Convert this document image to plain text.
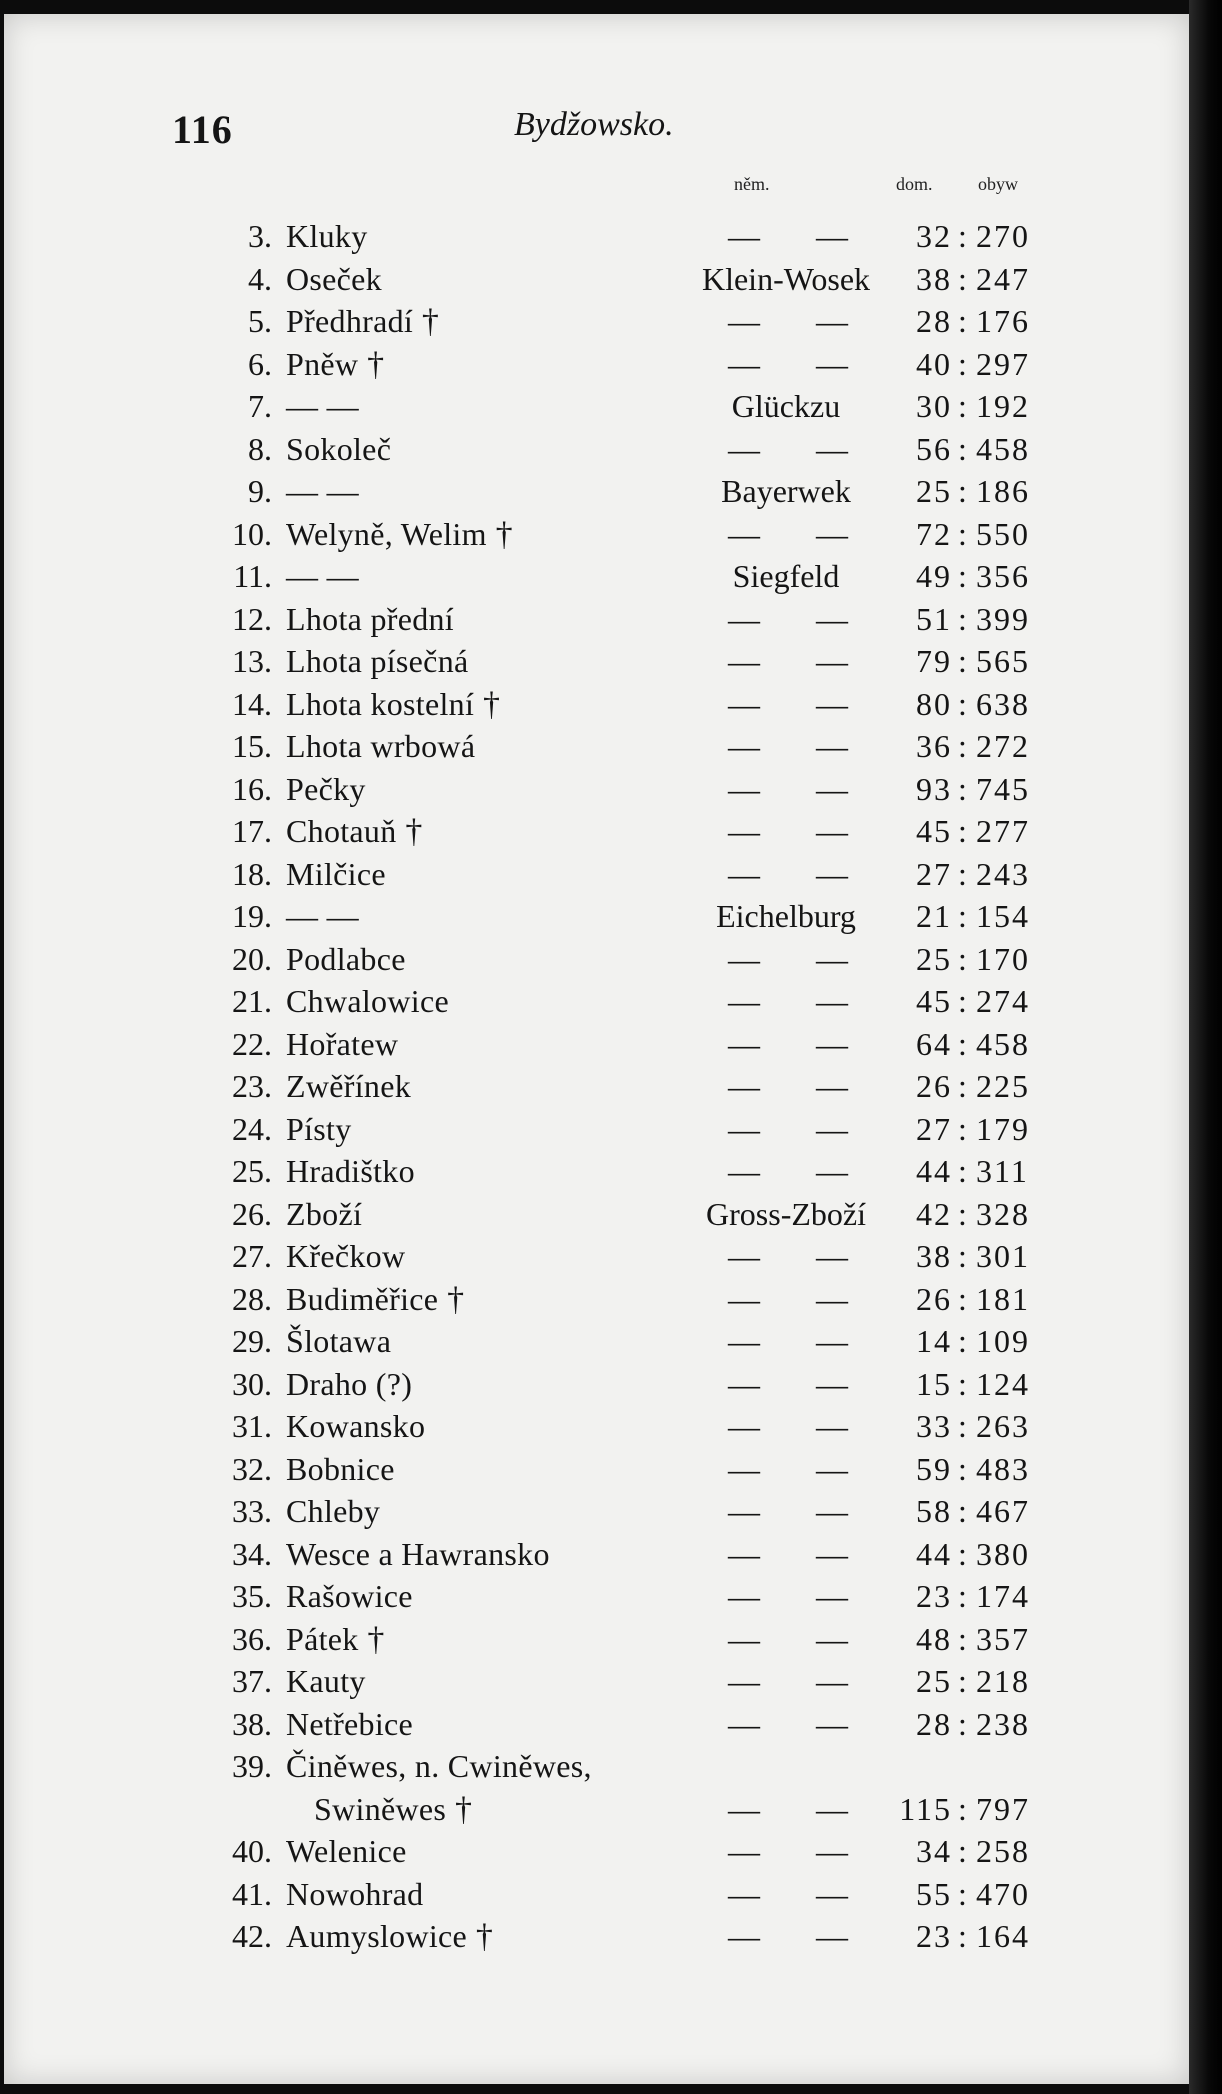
116	Bydžowsko.
něm.	dom.	obyw
3. Kluky	— —	32 : 270
4. Oseček	Klein-Wosek	38 : 247
5. Předhradí †	— —	28 : 176
6. Pněw †	— —	40 : 297
7. — —	Glückzu	30 : 192
8. Sokoleč	— —	56 : 458
9. — —	Bayerwek	25 : 186
10. Welyně, Welim †	— —	72 : 550
11. — —	Siegfeld	49 : 356
12. Lhota přední	— —	51 : 399
13. Lhota písečná	— —	79 : 565
14. Lhota kostelní †	— —	80 : 638
15. Lhota wrbowá	— —	36 : 272
16. Pečky	— —	93 : 745
17. Chotauň †	— —	45 : 277
18. Milčice	— —	27 : 243
19. — —	Eichelburg	21 : 154
20. Podlabce	— —	25 : 170
21. Chwalowice	— —	45 : 274
22. Hořatew	— —	64 : 458
23. Zwěřínek	— —	26 : 225
24. Písty	— —	27 : 179
25. Hradištko	— —	44 : 311
26. Zboží	Gross-Zboží	42 : 328
27. Křečkow	— —	38 : 301
28. Budiměřice †	— —	26 : 181
29. Šlotawa	— —	14 : 109
30. Draho (?)	— —	15 : 124
31. Kowansko	— —	33 : 263
32. Bobnice	— —	59 : 483
33. Chleby	— —	58 : 467
34. Wesce a Hawransko	— —	44 : 380
35. Rašowice	— —	23 : 174
36. Pátek †	— —	48 : 357
37. Kauty	— —	25 : 218
38. Netřebice	— —	28 : 238
39. Činěwes, n. Cwiněwes,
Swiněwes †	— — 115 : 797
40. Welenice	— —	34 : 258
41. Nowohrad	— —	55 : 470
42. Aumyslowice †	— —	23 : 164
